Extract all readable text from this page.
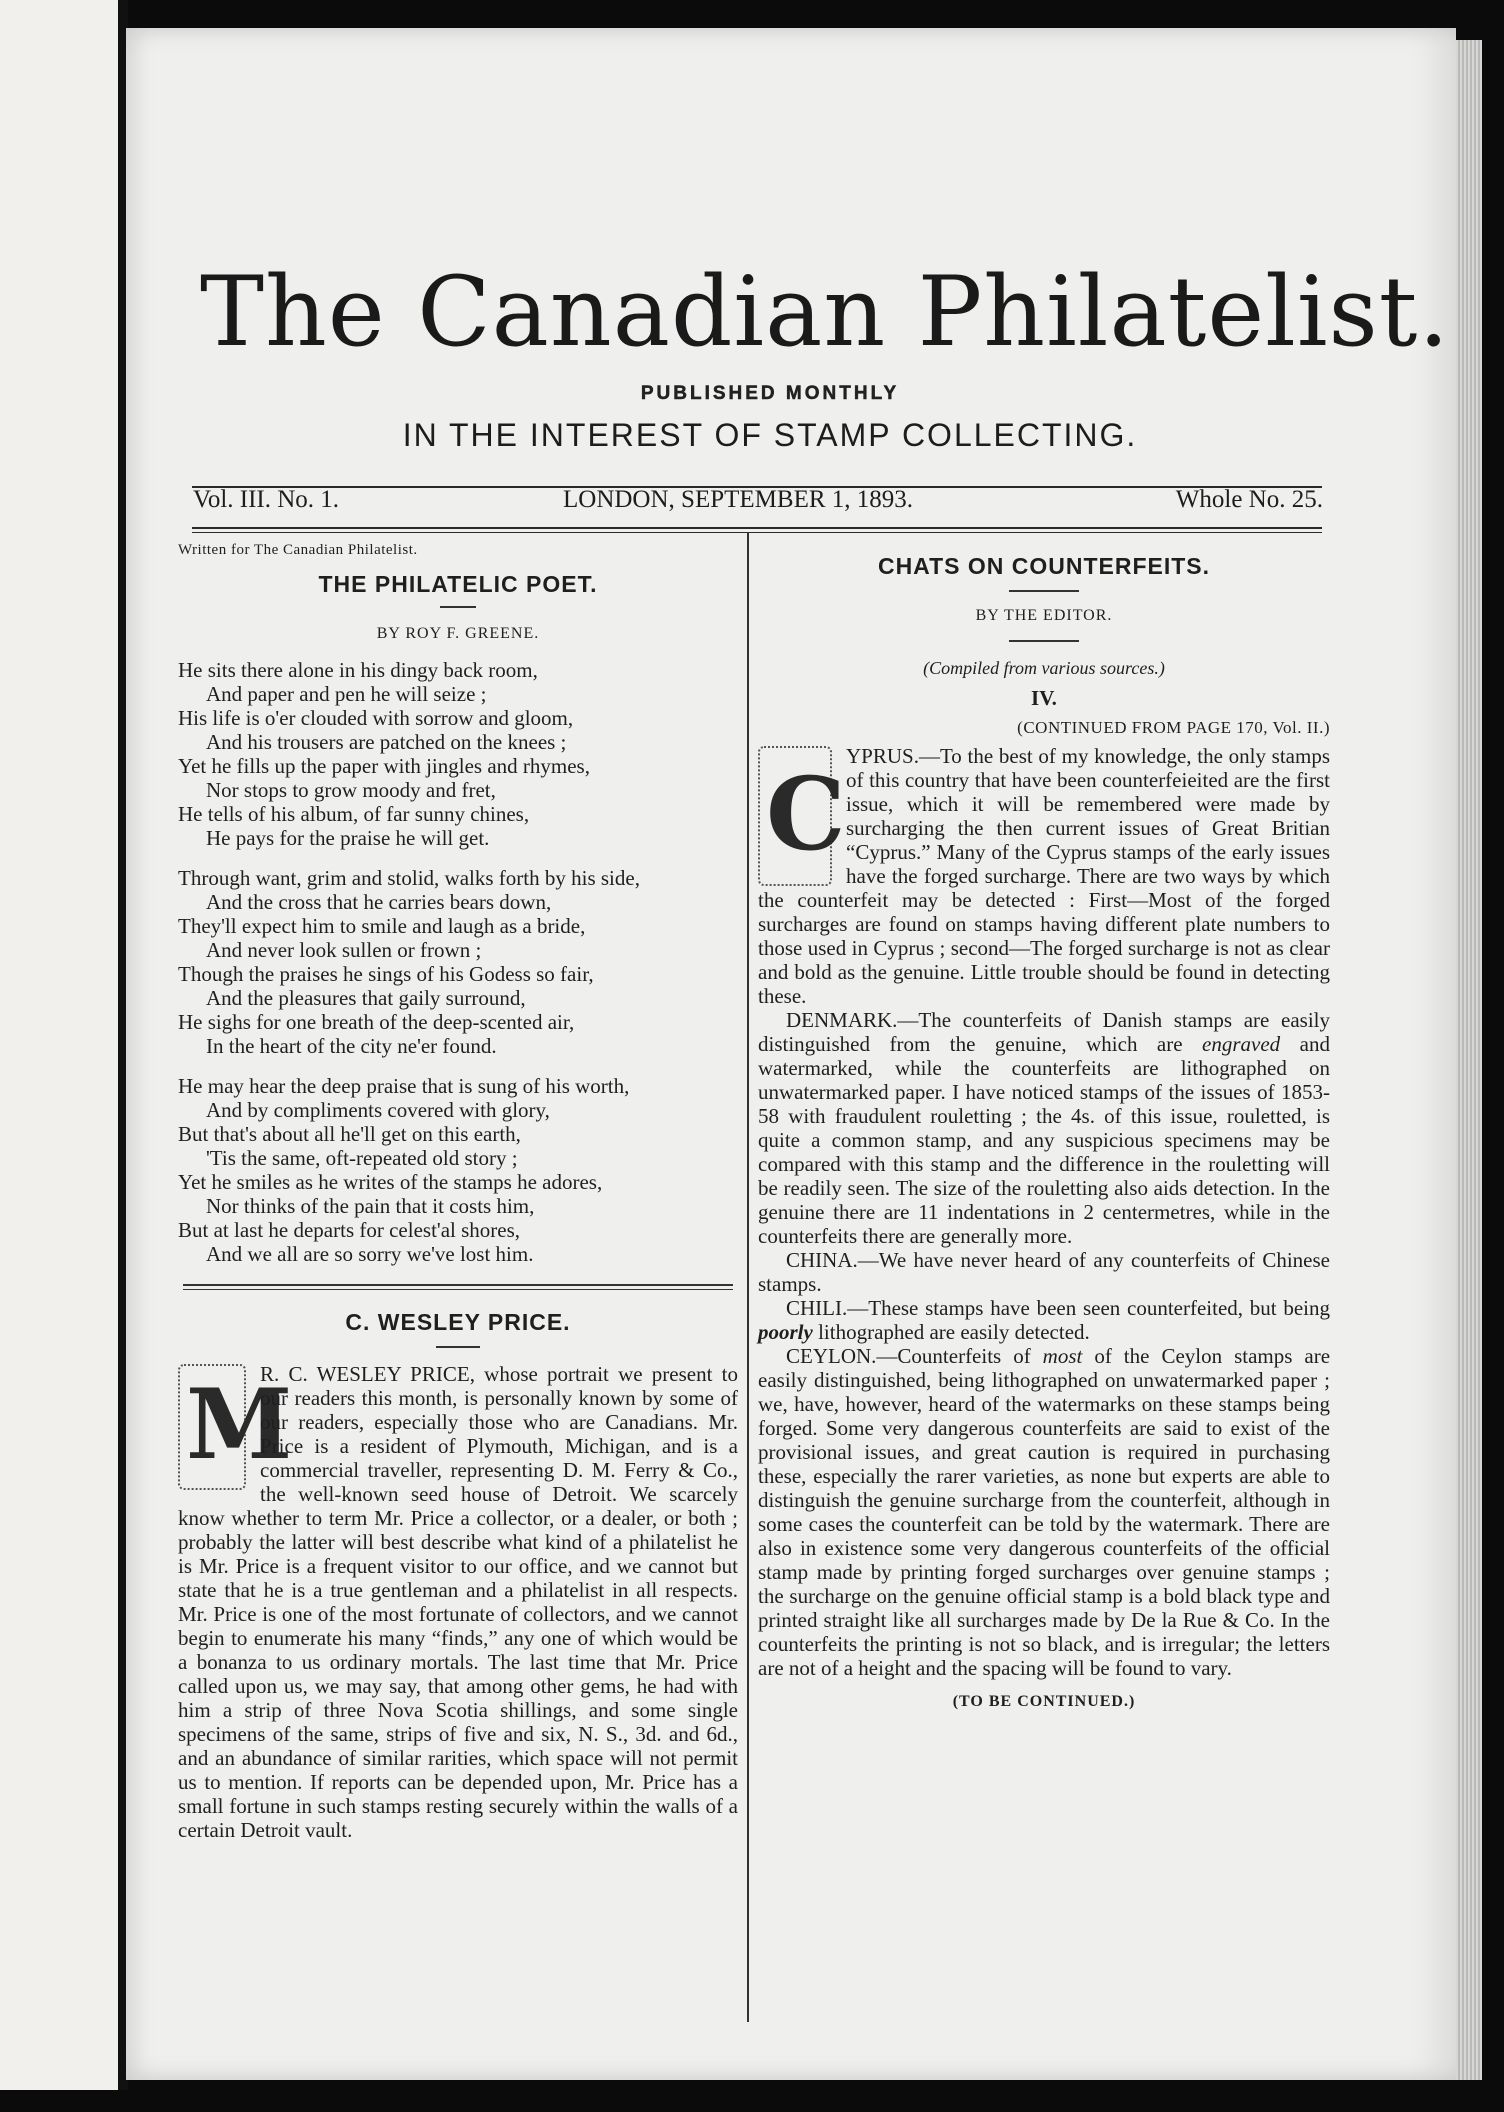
The Canadian Philatelist.
PUBLISHED MONTHLY
IN THE INTEREST OF STAMP COLLECTING.
Vol. III. No. 1.	LONDON, SEPTEMBER 1, 1893.	Whole No. 25.
Written for The Canadian Philatelist.
THE PHILATELIC POET.
BY ROY F. GREENE.

He sits there alone in his dingy back room,

And paper and pen he will seize ;

His life is o'er clouded with sorrow and gloom,

And his trousers are patched on the knees ;

Yet he fills up the paper with jingles and rhymes,

Nor stops to grow moody and fret,

He tells of his album, of far sunny chines,

He pays for the praise he will get.

Through want, grim and stolid, walks forth by his side,

And the cross that he carries bears down,

They'll expect him to smile and laugh as a bride,

And never look sullen or frown ;

Though the praises he sings of his Godess so fair,

And the pleasures that gaily surround,

He sighs for one breath of the deep-scented air,

In the heart of the city ne'er found.

He may hear the deep praise that is sung of his worth,

And by compliments covered with glory,

But that's about all he'll get on this earth,

'Tis the same, oft-repeated old story ;

Yet he smiles as he writes of the stamps he adores,

Nor thinks of the pain that it costs him,

But at last he departs for celest'al shores,

And we all are so sorry we've lost him.

C. WESLEY PRICE.
M

R. C. WESLEY PRICE, whose portrait we present to our readers this month, is personally known by some of our readers, especially those who are Canadians. Mr. Price is a resident of Plymouth, Michigan, and is a commercial traveller, representing D. M. Ferry & Co., the well-known seed house of Detroit. We scarcely know whether to term Mr. Price a collector, or a dealer, or both ; probably the latter will best describe what kind of a philatelist he is Mr. Price is a frequent visitor to our office, and we cannot but state that he is a true gentleman and a philatelist in all respects. Mr. Price is one of the most fortunate of collectors, and we cannot begin to enumerate his many “finds,” any one of which would be a bonanza to us ordinary mortals. The last time that Mr. Price called upon us, we may say, that among other gems, he had with him a strip of three Nova Scotia shillings, and some single specimens of the same, strips of five and six, N. S., 3d. and 6d., and an abundance of similar rarities, which space will not permit us to mention. If reports can be depended upon, Mr. Price has a small fortune in such stamps resting securely within the walls of a certain Detroit vault.

CHATS ON COUNTERFEITS.
BY THE EDITOR.
(Compiled from various sources.)
IV.
(CONTINUED FROM PAGE 170, Vol. II.)
C YPRUS.—To the best of my knowledge, the only stamps of this country that have been counterfeieited are the first issue, which it will be remembered were made by surcharging the then current issues of Great Britian “Cyprus.” Many of the Cyprus stamps of the early issues have the forged surcharge. There are two ways by which the counterfeit may be detected : First—Most of the forged surcharges are found on stamps having different plate numbers to those used in Cyprus ; second—The forged surcharge is not as clear and bold as the genuine. Little trouble should be found in detecting these.

DENMARK.—The counterfeits of Danish stamps are easily distinguished from the genuine, which are engraved and watermarked, while the counterfeits are lithographed on unwatermarked paper. I have noticed stamps of the issues of 1853-58 with fraudulent rouletting ; the 4s. of this issue, rouletted, is quite a common stamp, and any suspicious specimens may be compared with this stamp and the difference in the rouletting will be readily seen. The size of the rouletting also aids detection. In the genuine there are 11 indentations in 2 centermetres, while in the counterfeits there are generally more.

CHINA.—We have never heard of any counterfeits of Chinese stamps.

CHILI.—These stamps have been seen counterfeited, but being poorly lithographed are easily detected.

CEYLON.—Counterfeits of most of the Ceylon stamps are easily distinguished, being lithographed on unwatermarked paper ; we, have, however, heard of the watermarks on these stamps being forged. Some very dangerous counterfeits are said to exist of the provisional issues, and great caution is required in purchasing these, especially the rarer varieties, as none but experts are able to distinguish the genuine surcharge from the counterfeit, although in some cases the counterfeit can be told by the watermark. There are also in existence some very dangerous counterfeits of the official stamp made by printing forged surcharges over genuine stamps ; the surcharge on the genuine official stamp is a bold black type and printed straight like all surcharges made by De la Rue & Co. In the counterfeits the printing is not so black, and is irregular; the letters are not of a height and the spacing will be found to vary.

(TO BE CONTINUED.)
